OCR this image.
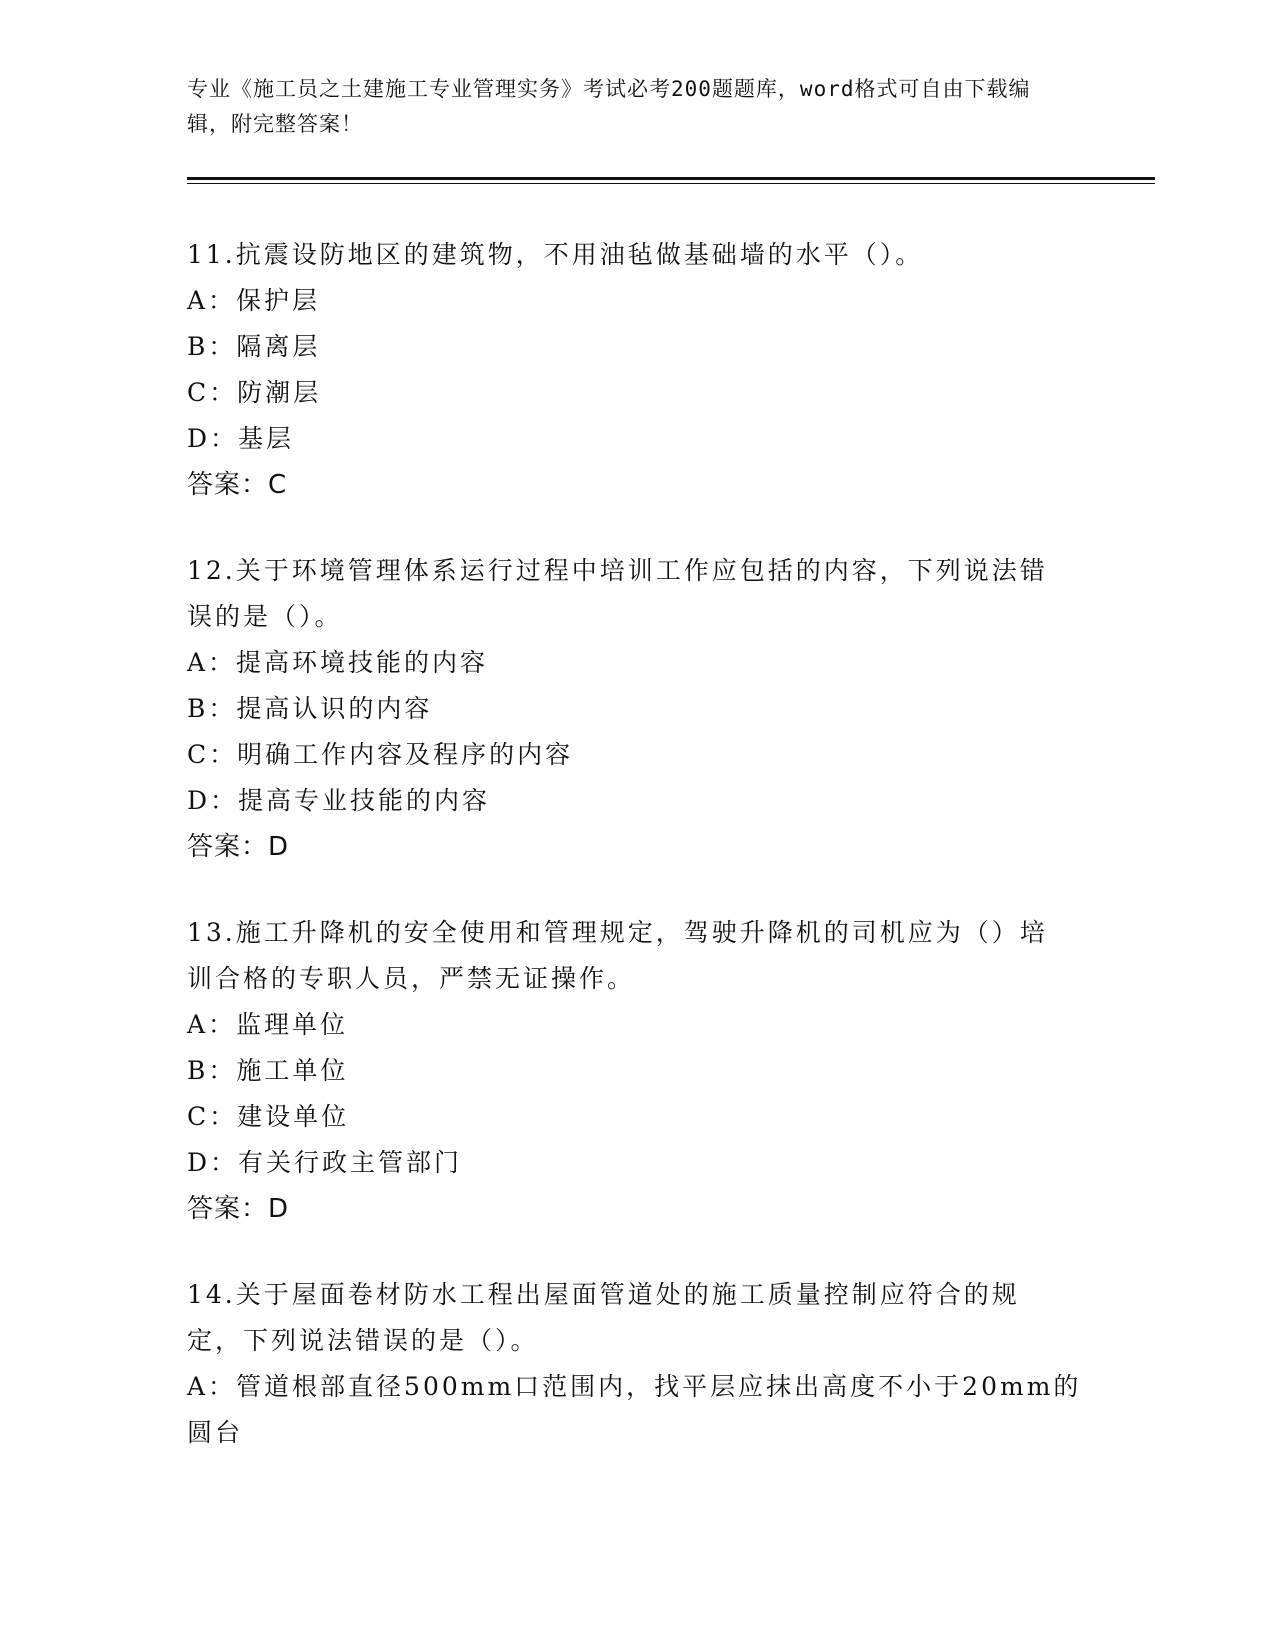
专业《施工员之土建施工专业管理实务》考试必考200题题库，word格式可自由下载编辑，附完整答案！

11.抗震设防地区的建筑物，不用油毡做基础墙的水平（）。

A：保护层

B：隔离层

C：防潮层

D：基层

答案：C

12.关于环境管理体系运行过程中培训工作应包括的内容，下列说法错误的是（）。

A：提高环境技能的内容

B：提高认识的内容

C：明确工作内容及程序的内容

D：提高专业技能的内容

答案：D

13.施工升降机的安全使用和管理规定，驾驶升降机的司机应为（）培训合格的专职人员，严禁无证操作。

A：监理单位

B：施工单位

C：建设单位

D：有关行政主管部门

答案：D

14.关于屋面卷材防水工程出屋面管道处的施工质量控制应符合的规定，下列说法错误的是（）。

A：管道根部直径500mm口范围内，找平层应抹出高度不小于20mm的圆台
